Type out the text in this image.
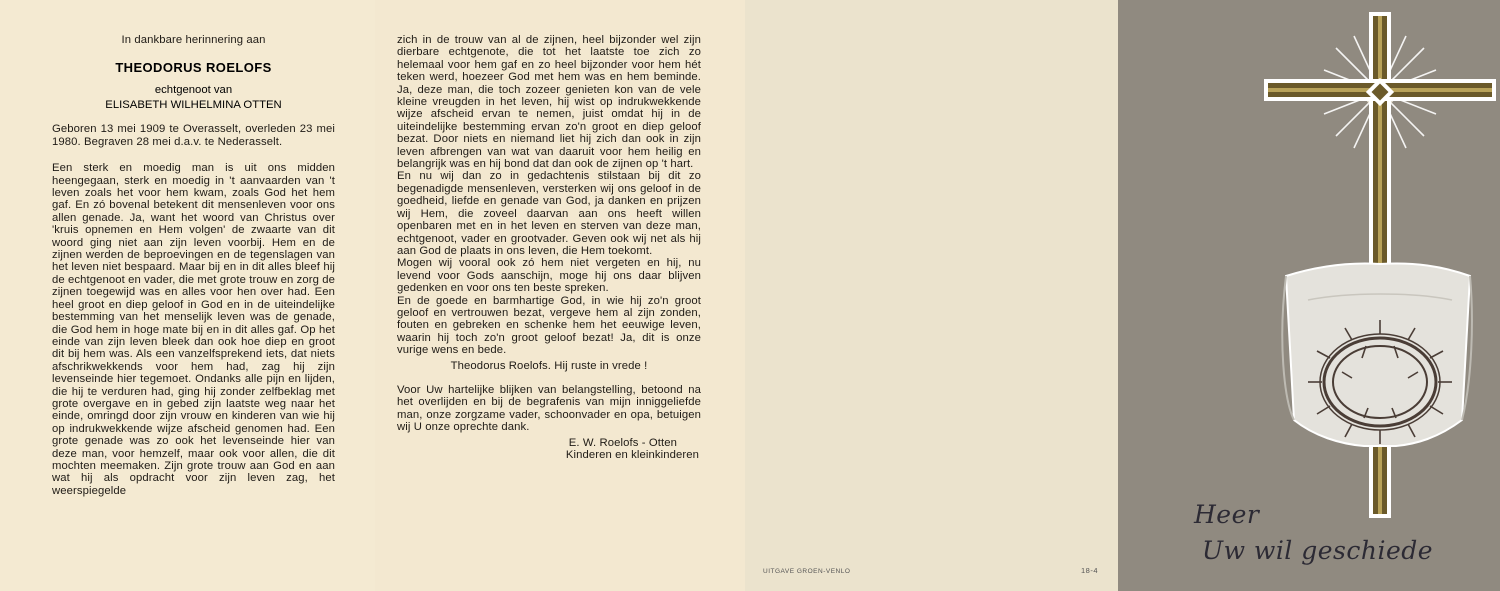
In dankbare herinnering aan
THEODORUS ROELOFS
echtgenoot van
ELISABETH WILHELMINA OTTEN
Geboren 13 mei 1909 te Overasselt, overleden 23 mei 1980. Begraven 28 mei d.a.v. te Nederasselt.
Een sterk en moedig man is uit ons midden heengegaan, sterk en moedig in 't aanvaarden van 't leven zoals het voor hem kwam, zoals God het hem gaf. En zó bovenal betekent dit mensenleven voor ons allen genade. Ja, want het woord van Christus over 'kruis opnemen en Hem volgen' de zwaarte van dit woord ging niet aan zijn leven voorbij. Hem en de zijnen werden de beproevingen en de tegenslagen van het leven niet bespaard. Maar bij en in dit alles bleef hij de echtgenoot en vader, die met grote trouw en zorg de zijnen toegewijd was en alles voor hen over had. Een heel groot en diep geloof in God en in de uiteindelijke bestemming van het menselijk leven was de genade, die God hem in hoge mate bij en in dit alles gaf. Op het einde van zijn leven bleek dan ook hoe diep en groot dit bij hem was. Als een vanzelfsprekend iets, dat niets afschrikwekkends voor hem had, zag hij zijn levenseinde hier tegemoet. Ondanks alle pijn en lijden, die hij te verduren had, ging hij zonder zelfbeklag met grote overgave en in gebed zijn laatste weg naar het einde, omringd door zijn vrouw en kinderen van wie hij op indrukwekkende wijze afscheid genomen had. Een grote genade was zo ook het levenseinde hier van deze man, voor hemzelf, maar ook voor allen, die dit mochten meemaken. Zijn grote trouw aan God en aan wat hij als opdracht voor zijn leven zag, het weerspiegelde
zich in de trouw van al de zijnen, heel bijzonder wel zijn dierbare echtgenote, die tot het laatste toe zich zo helemaal voor hem gaf en zo heel bijzonder voor hem hét teken werd, hoezeer God met hem was en hem beminde. Ja, deze man, die toch zozeer genieten kon van de vele kleine vreugden in het leven, hij wist op indrukwekkende wijze afscheid ervan te nemen, juist omdat hij in de uiteindelijke bestemming ervan zo'n groot en diep geloof bezat. Door niets en niemand liet hij zich dan ook in zijn leven afbrengen van wat van daaruit voor hem heilig en belangrijk was en hij bond dat dan ook de zijnen op 't hart.
En nu wij dan zo in gedachtenis stilstaan bij dit zo begenadigde mensenleven, versterken wij ons geloof in de goedheid, liefde en genade van God, ja danken en prijzen wij Hem, die zoveel daarvan aan ons heeft willen openbaren met en in het leven en sterven van deze man, echtgenoot, vader en grootvader. Geven ook wij net als hij aan God de plaats in ons leven, die Hem toekomt.
Mogen wij vooral ook zó hem niet vergeten en hij, nu levend voor Gods aanschijn, moge hij ons daar blijven gedenken en voor ons ten beste spreken.
En de goede en barmhartige God, in wie hij zo'n groot geloof en vertrouwen bezat, vergeve hem al zijn zonden, fouten en gebreken en schenke hem het eeuwige leven, waarin hij toch zo'n groot geloof bezat! Ja, dit is onze vurige wens en bede.
Theodorus Roelofs. Hij ruste in vrede !
Voor Uw hartelijke blijken van belangstelling, betoond na het overlijden en bij de begrafenis van mijn inniggeliefde man, onze zorgzame vader, schoonvader en opa, betuigen wij U onze oprechte dank.
E. W. Roelofs - Otten
Kinderen en kleinkinderen
UITGAVE GROEN-VENLO	18-4
Heer
Uw wil geschiede
